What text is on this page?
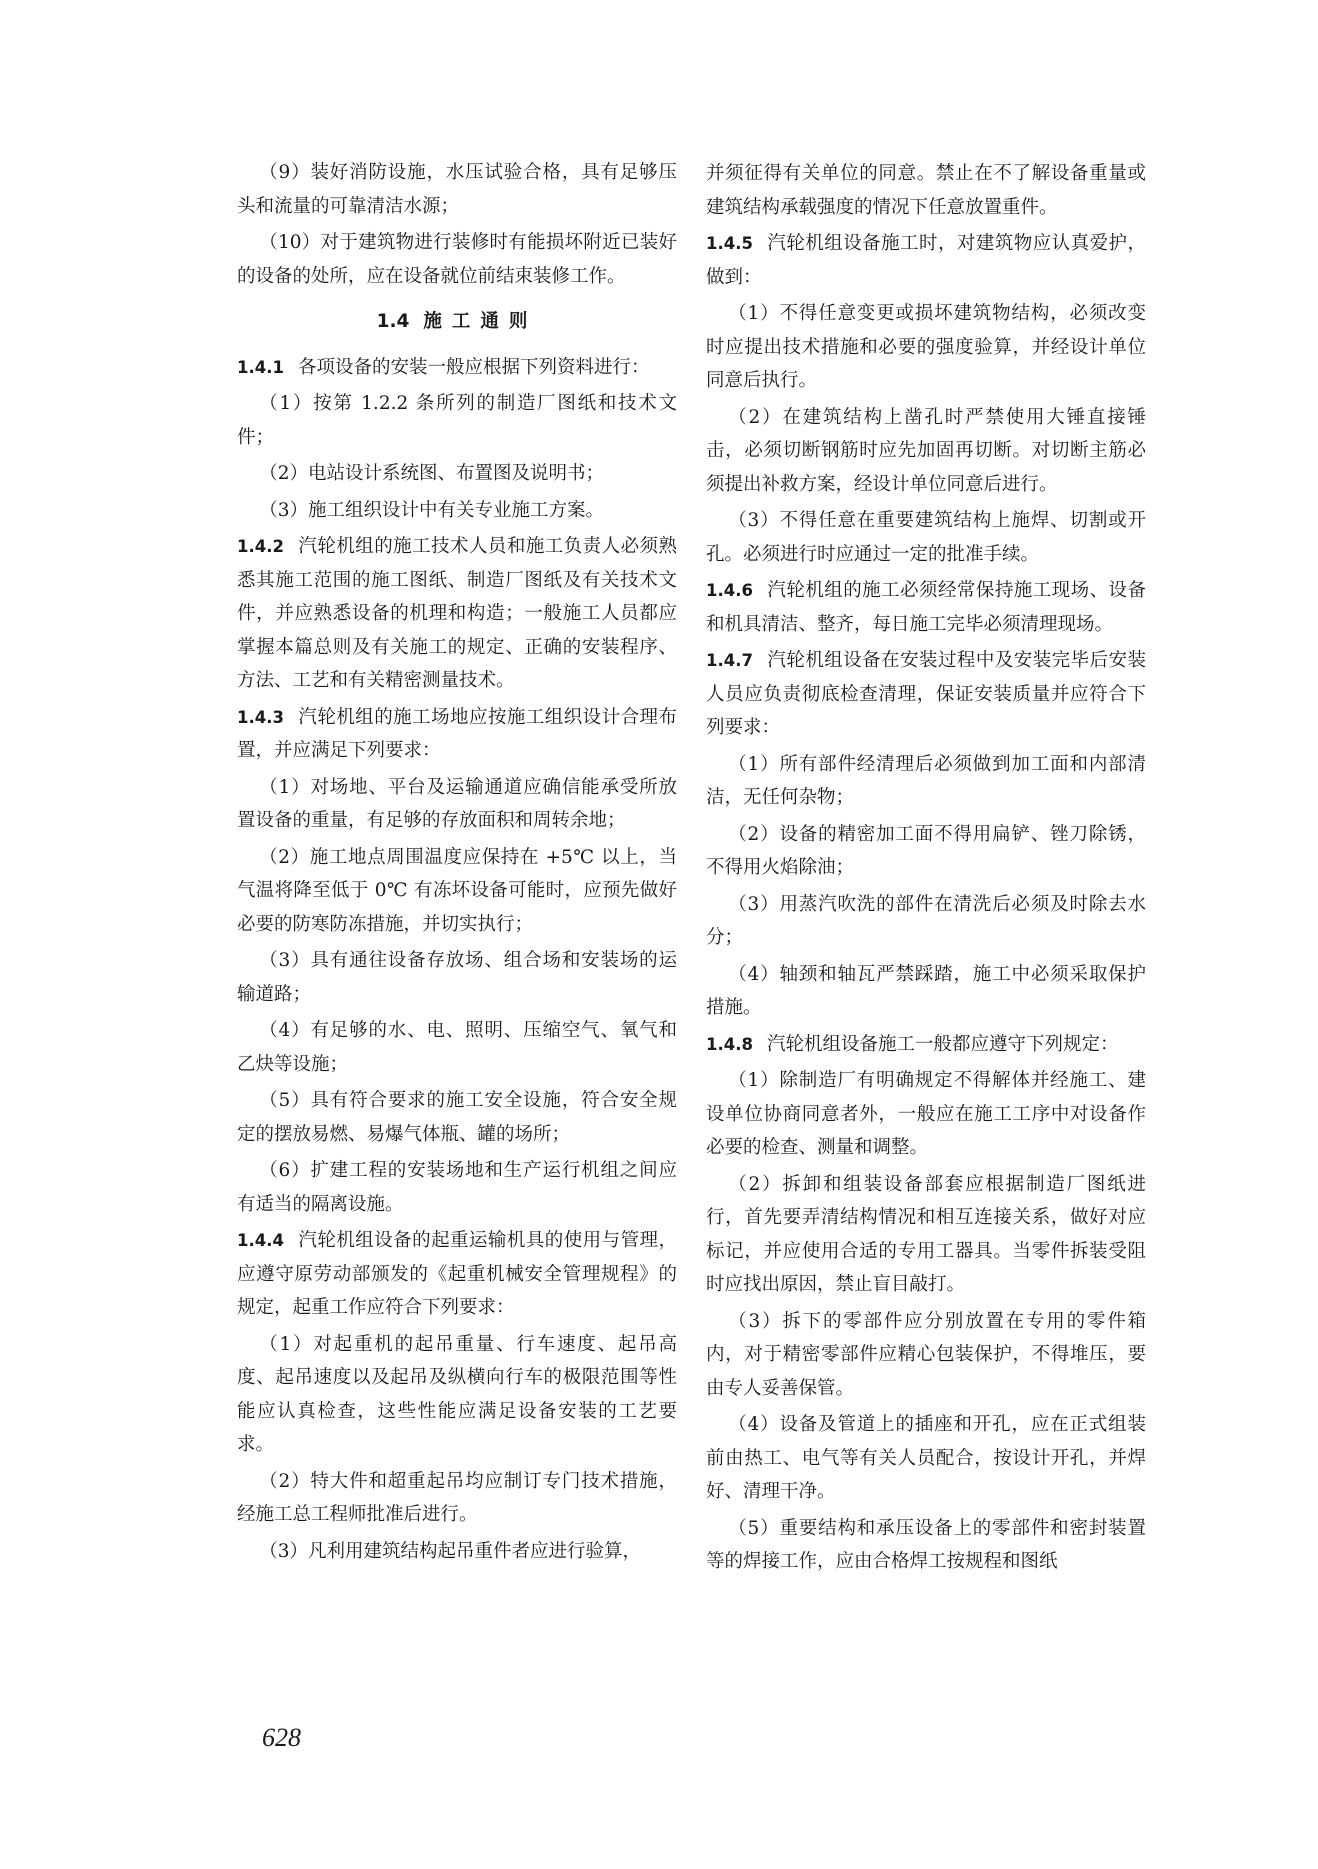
（9）装好消防设施，水压试验合格，具有足够压头和流量的可靠清洁水源；

（10）对于建筑物进行装修时有能损坏附近已装好的设备的处所，应在设备就位前结束装修工作。

1.4 施工通则

1.4.1 各项设备的安装一般应根据下列资料进行：

（1）按第 1.2.2 条所列的制造厂图纸和技术文件；

（2）电站设计系统图、布置图及说明书；

（3）施工组织设计中有关专业施工方案。

1.4.2 汽轮机组的施工技术人员和施工负责人必须熟悉其施工范围的施工图纸、制造厂图纸及有关技术文件，并应熟悉设备的机理和构造；一般施工人员都应掌握本篇总则及有关施工的规定、正确的安装程序、方法、工艺和有关精密测量技术。

1.4.3 汽轮机组的施工场地应按施工组织设计合理布置，并应满足下列要求：

（1）对场地、平台及运输通道应确信能承受所放置设备的重量，有足够的存放面积和周转余地；

（2）施工地点周围温度应保持在 +5℃ 以上，当气温将降至低于 0℃ 有冻坏设备可能时，应预先做好必要的防寒防冻措施，并切实执行；

（3）具有通往设备存放场、组合场和安装场的运输道路；

（4）有足够的水、电、照明、压缩空气、氧气和乙炔等设施；

（5）具有符合要求的施工安全设施，符合安全规定的摆放易燃、易爆气体瓶、罐的场所；

（6）扩建工程的安装场地和生产运行机组之间应有适当的隔离设施。

1.4.4 汽轮机组设备的起重运输机具的使用与管理，应遵守原劳动部颁发的《起重机械安全管理规程》的规定，起重工作应符合下列要求：

（1）对起重机的起吊重量、行车速度、起吊高度、起吊速度以及起吊及纵横向行车的极限范围等性能应认真检查，这些性能应满足设备安装的工艺要求。

（2）特大件和超重起吊均应制订专门技术措施，经施工总工程师批准后进行。

（3）凡利用建筑结构起吊重件者应进行验算，

并须征得有关单位的同意。禁止在不了解设备重量或建筑结构承载强度的情况下任意放置重件。

1.4.5 汽轮机组设备施工时，对建筑物应认真爱护，做到：

（1）不得任意变更或损坏建筑物结构，必须改变时应提出技术措施和必要的强度验算，并经设计单位同意后执行。

（2）在建筑结构上凿孔时严禁使用大锤直接锤击，必须切断钢筋时应先加固再切断。对切断主筋必须提出补救方案，经设计单位同意后进行。

（3）不得任意在重要建筑结构上施焊、切割或开孔。必须进行时应通过一定的批准手续。

1.4.6 汽轮机组的施工必须经常保持施工现场、设备和机具清洁、整齐，每日施工完毕必须清理现场。

1.4.7 汽轮机组设备在安装过程中及安装完毕后安装人员应负责彻底检查清理，保证安装质量并应符合下列要求：

（1）所有部件经清理后必须做到加工面和内部清洁，无任何杂物；

（2）设备的精密加工面不得用扁铲、锉刀除锈，不得用火焰除油；

（3）用蒸汽吹洗的部件在清洗后必须及时除去水分；

（4）轴颈和轴瓦严禁踩踏，施工中必须采取保护措施。

1.4.8 汽轮机组设备施工一般都应遵守下列规定：

（1）除制造厂有明确规定不得解体并经施工、建设单位协商同意者外，一般应在施工工序中对设备作必要的检查、测量和调整。

（2）拆卸和组装设备部套应根据制造厂图纸进行，首先要弄清结构情况和相互连接关系，做好对应标记，并应使用合适的专用工器具。当零件拆装受阻时应找出原因，禁止盲目敲打。

（3）拆下的零部件应分别放置在专用的零件箱内，对于精密零部件应精心包装保护，不得堆压，要由专人妥善保管。

（4）设备及管道上的插座和开孔，应在正式组装前由热工、电气等有关人员配合，按设计开孔，并焊好、清理干净。

（5）重要结构和承压设备上的零部件和密封装置等的焊接工作，应由合格焊工按规程和图纸

628
